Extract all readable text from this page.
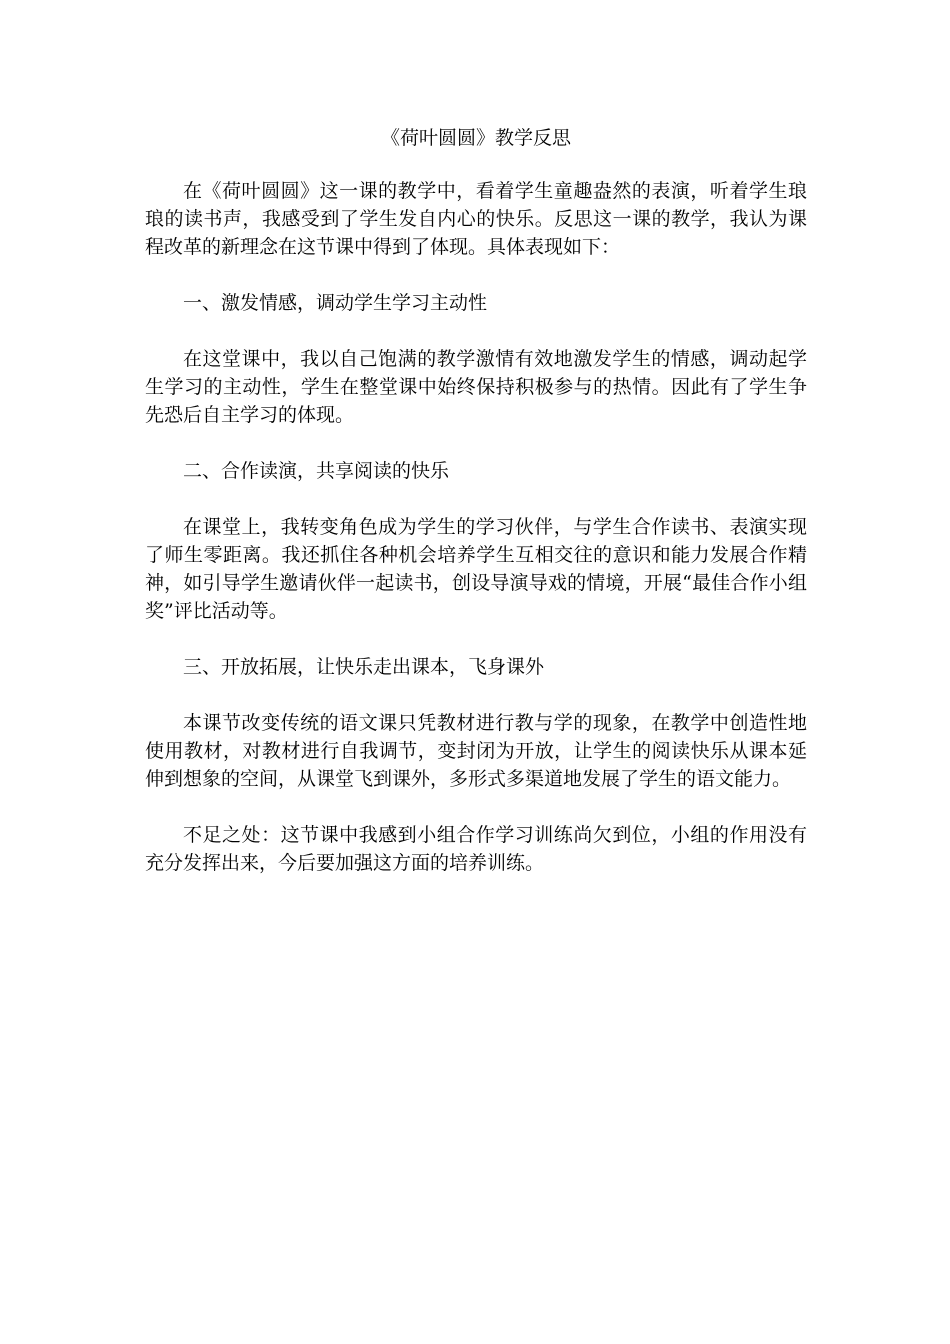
《荷叶圆圆》教学反思

在《荷叶圆圆》这一课的教学中，看着学生童趣盎然的表演，听着学生琅琅的读书声，我感受到了学生发自内心的快乐。反思这一课的教学，我认为课程改革的新理念在这节课中得到了体现。具体表现如下：

一、激发情感，调动学生学习主动性

在这堂课中，我以自己饱满的教学激情有效地激发学生的情感，调动起学生学习的主动性，学生在整堂课中始终保持积极参与的热情。因此有了学生争先恐后自主学习的体现。

二、合作读演，共享阅读的快乐

在课堂上，我转变角色成为学生的学习伙伴，与学生合作读书、表演实现了师生零距离。我还抓住各种机会培养学生互相交往的意识和能力发展合作精神，如引导学生邀请伙伴一起读书，创设导演导戏的情境，开展“最佳合作小组奖”评比活动等。

三、开放拓展，让快乐走出课本，飞身课外

本课节改变传统的语文课只凭教材进行教与学的现象，在教学中创造性地使用教材，对教材进行自我调节，变封闭为开放，让学生的阅读快乐从课本延伸到想象的空间，从课堂飞到课外，多形式多渠道地发展了学生的语文能力。

不足之处：这节课中我感到小组合作学习训练尚欠到位，小组的作用没有充分发挥出来，今后要加强这方面的培养训练。
